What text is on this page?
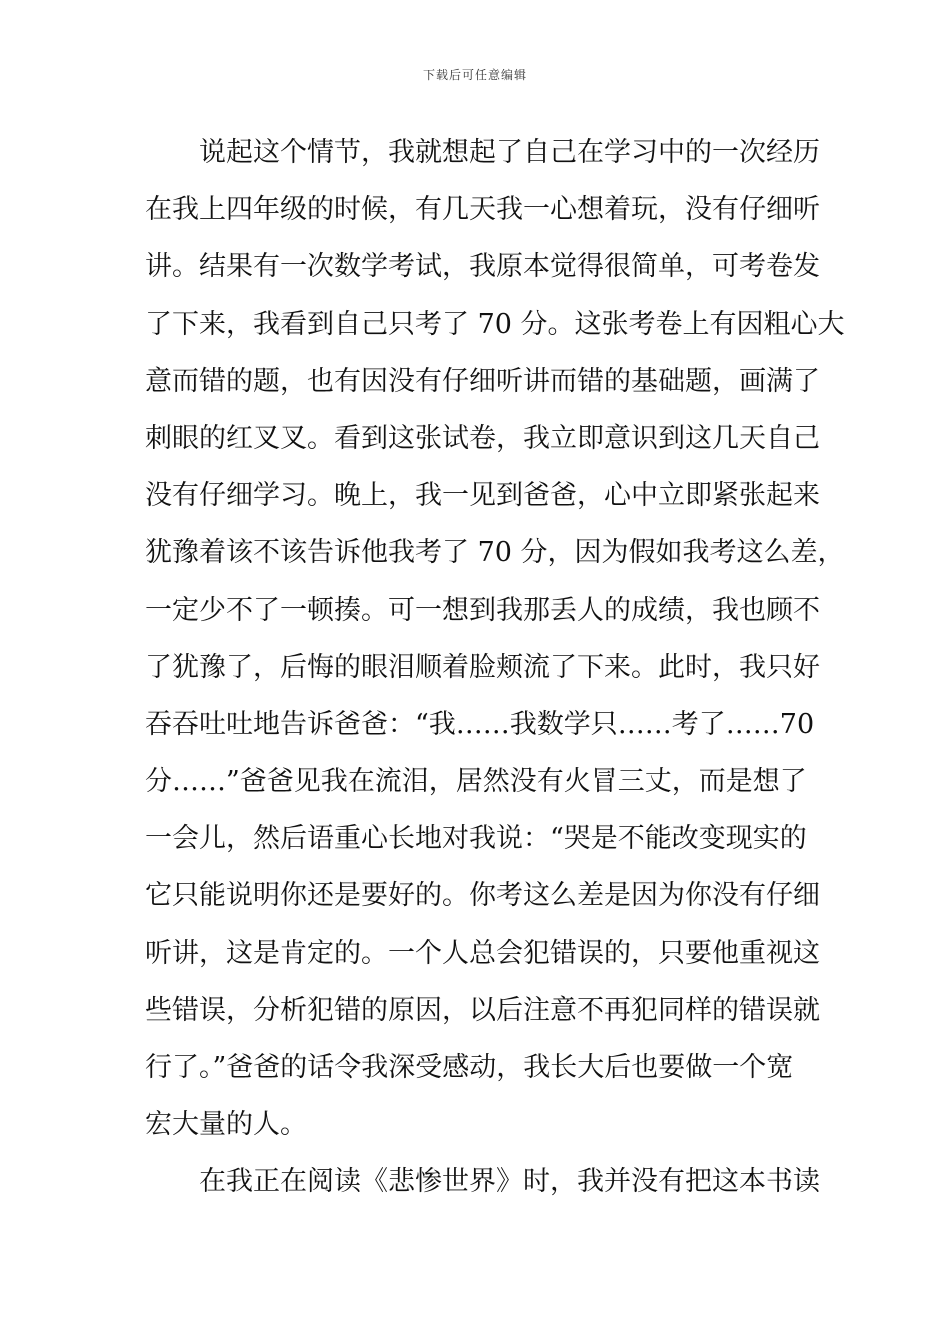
下载后可任意编辑
说起这个情节，我就想起了自己在学习中的一次经历
在我上四年级的时候，有几天我一心想着玩，没有仔细听
讲。结果有一次数学考试，我原本觉得很简单，可考卷发
了下来，我看到自己只考了 70 分。这张考卷上有因粗心大
意而错的题，也有因没有仔细听讲而错的基础题，画满了
刺眼的红叉叉。看到这张试卷，我立即意识到这几天自己
没有仔细学习。晚上，我一见到爸爸，心中立即紧张起来
犹豫着该不该告诉他我考了 70 分，因为假如我考这么差，
一定少不了一顿揍。可一想到我那丢人的成绩，我也顾不
了犹豫了，后悔的眼泪顺着脸颊流了下来。此时，我只好
吞吞吐吐地告诉爸爸：“我……我数学只……考了……70
分……”爸爸见我在流泪，居然没有火冒三丈，而是想了
一会儿，然后语重心长地对我说：“哭是不能改变现实的
它只能说明你还是要好的。你考这么差是因为你没有仔细
听讲，这是肯定的。一个人总会犯错误的，只要他重视这
些错误，分析犯错的原因，以后注意不再犯同样的错误就
行了。”爸爸的话令我深受感动，我长大后也要做一个宽
宏大量的人。
在我正在阅读《悲惨世界》时，我并没有把这本书读
